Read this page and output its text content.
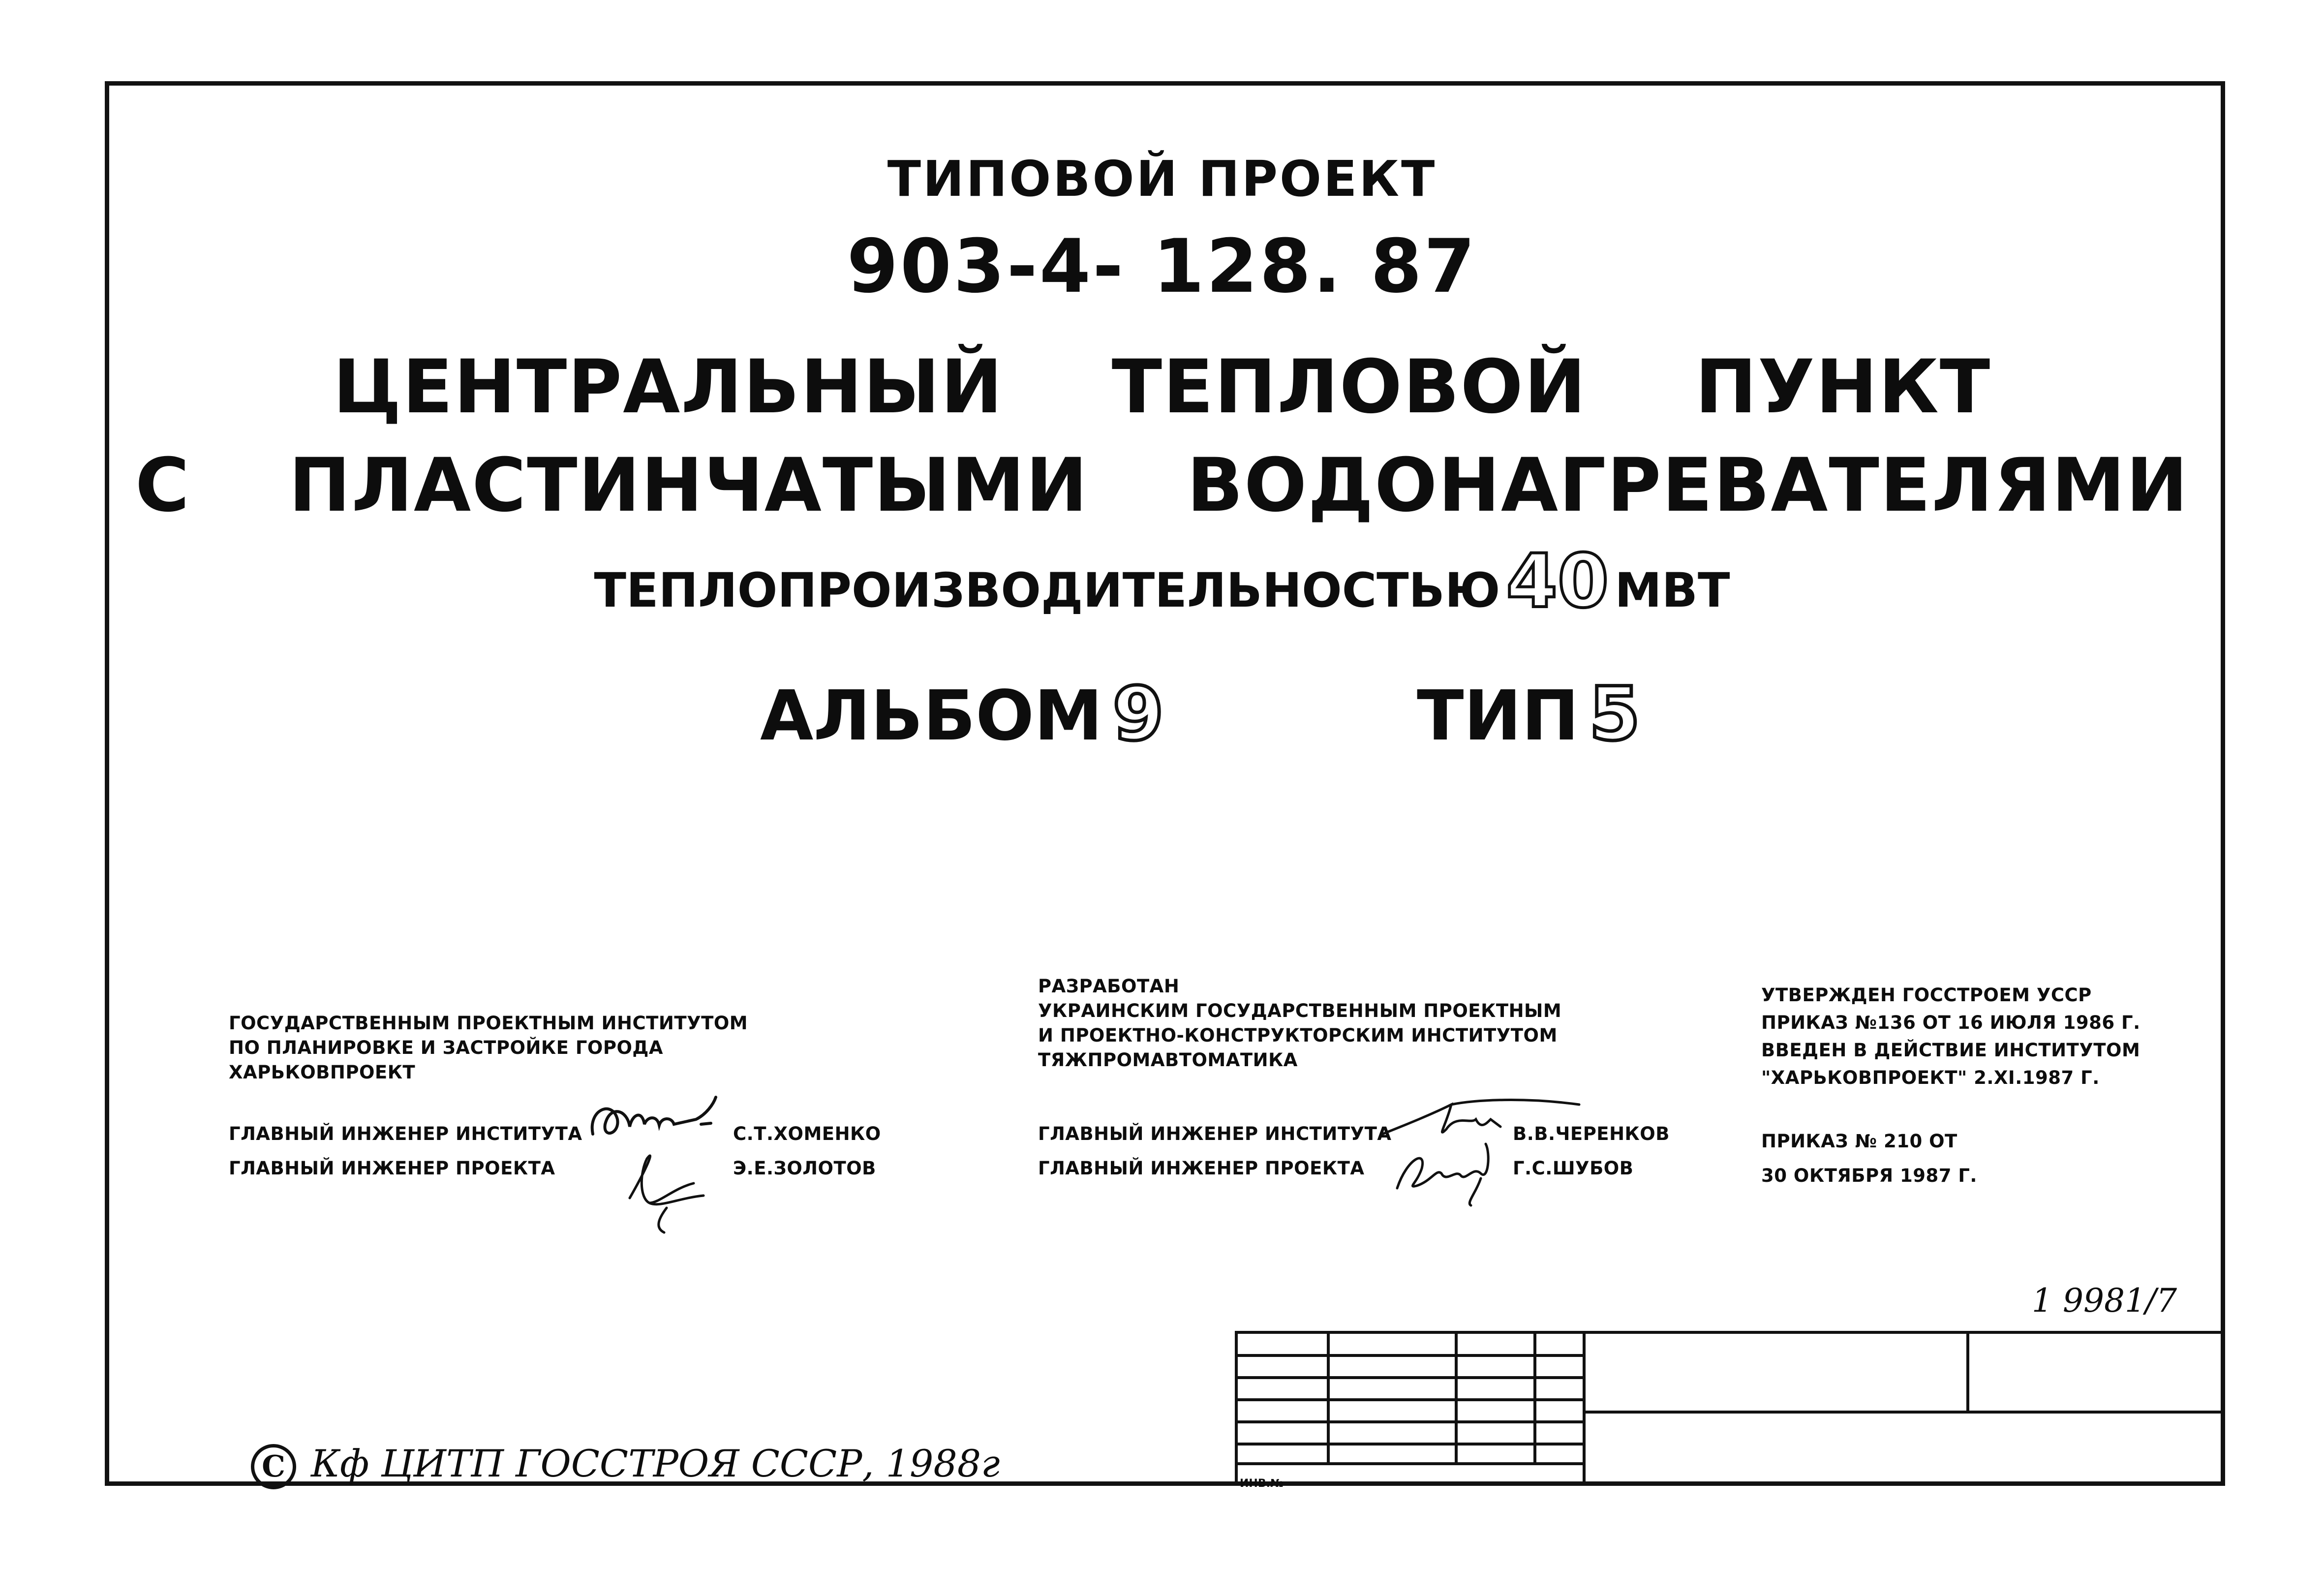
ТИПОВОЙ ПРОЕКТ
903-4- 128. 87
ЦЕНТРАЛЬНЫЙ ТЕПЛОВОЙ ПУНКТ
С ПЛАСТИНЧАТЫМИ ВОДОНАГРЕВАТЕЛЯМИ
ТЕПЛОПРОИЗВОДИТЕЛЬНОСТЬЮ40 МВТ
АЛЬБОМ 9	ТИП 5
ГОСУДАРСТВЕННЫМ ПРОЕКТНЫМ ИНСТИТУТОМ
ПО ПЛАНИРОВКЕ И ЗАСТРОЙКЕ ГОРОДА
ХАРЬКОВПРОЕКТ
ГЛАВНЫЙ ИНЖЕНЕР ИНСТИТУТА	С.Т.ХОМЕНКО
ГЛАВНЫЙ ИНЖЕНЕР ПРОЕКТА	Э.Е.ЗОЛОТОВ
РАЗРАБОТАН
УКРАИНСКИМ ГОСУДАРСТВЕННЫМ ПРОЕКТНЫМ
И ПРОЕКТНО-КОНСТРУКТОРСКИМ ИНСТИТУТОМ
ТЯЖПРОМАВТОМАТИКА
ГЛАВНЫЙ ИНЖЕНЕР ИНСТИТУТА	В.В.ЧЕРЕНКОВ
ГЛАВНЫЙ ИНЖЕНЕР ПРОЕКТА	Г.С.ШУБОВ
УТВЕРЖДЕН ГОССТРОЕМ УССР
ПРИКАЗ №136 ОТ 16 ИЮЛЯ 1986 Г.
ВВЕДЕН В ДЕЙСТВИЕ ИНСТИТУТОМ
"ХАРЬКОВПРОЕКТ" 2.XI.1987 Г.
ПРИКАЗ № 210 ОТ
30 ОКТЯБРЯ 1987 Г.
1 9981/7
ИНВ.№
C Кф ЦИТП ГОССТРОЯ СССР, 1988г
